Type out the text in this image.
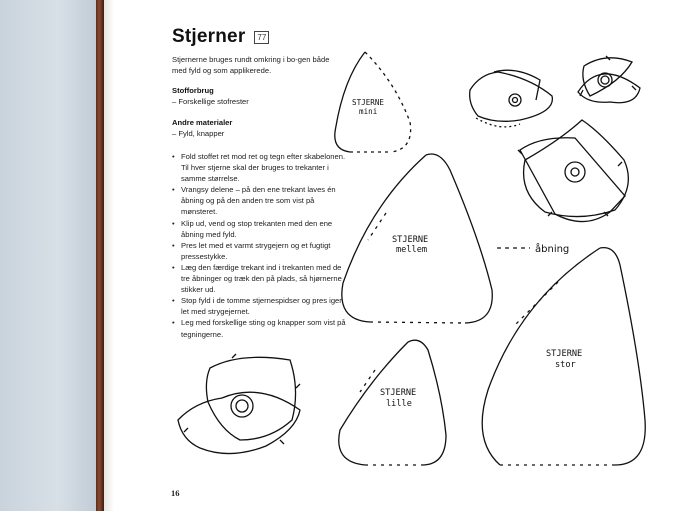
Stjerner	77
Stjernerne bruges rundt omkring i bo-gen både med fyld og som applikerede.
Stofforbrug
– Forskellige stofrester
Andre materialer
– Fyld, knapper
• Fold stoffet ret mod ret og tegn efter skabelonen. Til hver stjerne skal der bruges to trekanter i samme størrelse.
• Vrangsy delene – på den ene trekant laves én åbning og på den anden tre som vist på mønsteret.
• Klip ud, vend og stop trekanten med den ene åbning med fyld.
• Pres let med et varmt strygejern og et fugtigt pressestykke.
• Læg den færdige trekant ind i trekanten med de tre åbninger og træk den på plads, så hjørnerne stikker ud.
• Stop fyld i de tomme stjernespidser og pres igen let med strygejernet.
• Leg med forskellige sting og knapper som vist på tegningerne.
16
STJERNE
mini
STJERNE
mellem
STJERNE
lille
STJERNE
stor
åbning
